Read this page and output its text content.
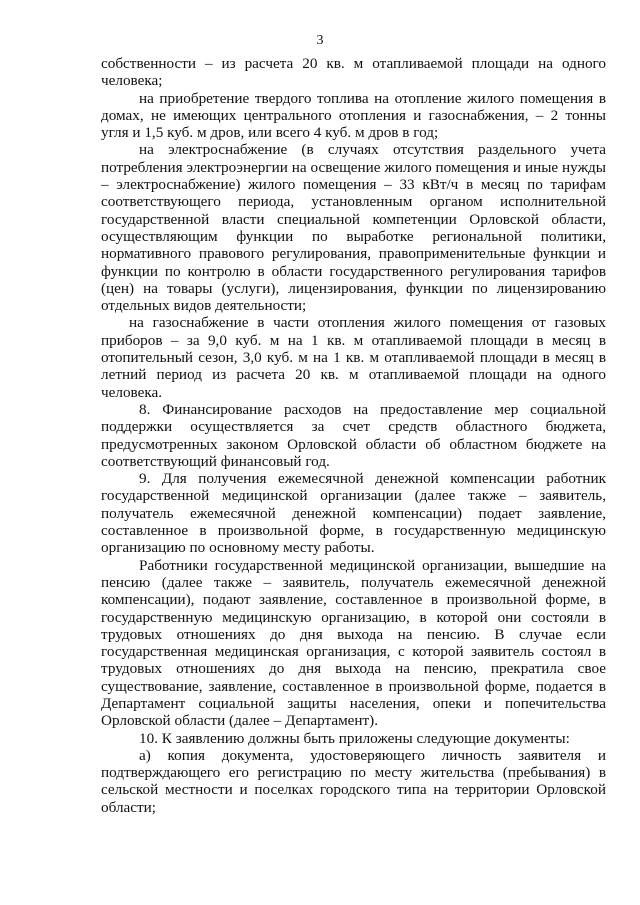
3

собственности – из расчета 20 кв. м отапливаемой площади на одного человека;

на приобретение твердого топлива на отопление жилого помещения в домах, не имеющих центрального отопления и газоснабжения, – 2 тонны угля и 1,5 куб. м дров, или всего 4 куб. м дров в год;

на электроснабжение (в случаях отсутствия раздельного учета потребления электроэнергии на освещение жилого помещения и иные нужды – электроснабжение) жилого помещения – 33 кВт/ч в месяц по тарифам соответствующего периода, установленным органом исполнительной государственной власти специальной компетенции Орловской области, осуществляющим функции по выработке региональной политики, нормативного правового регулирования, правоприменительные функции и функции по контролю в области государственного регулирования тарифов (цен) на товары (услуги), лицензирования, функции по лицензированию отдельных видов деятельности;

на газоснабжение в части отопления жилого помещения от газовых приборов – за 9,0 куб. м на 1 кв. м отапливаемой площади в месяц в отопительный сезон, 3,0 куб. м на 1 кв. м отапливаемой площади в месяц в летний период из расчета 20 кв. м отапливаемой площади на одного человека.

8. Финансирование расходов на предоставление мер социальной поддержки осуществляется за счет средств областного бюджета, предусмотренных законом Орловской области об областном бюджете на соответствующий финансовый год.

9. Для получения ежемесячной денежной компенсации работник государственной медицинской организации (далее также – заявитель, получатель ежемесячной денежной компенсации) подает заявление, составленное в произвольной форме, в государственную медицинскую организацию по основному месту работы.

Работники государственной медицинской организации, вышедшие на пенсию (далее также – заявитель, получатель ежемесячной денежной компенсации), подают заявление, составленное в произвольной форме, в государственную медицинскую организацию, в которой они состояли в трудовых отношениях до дня выхода на пенсию. В случае если государственная медицинская организация, с которой заявитель состоял в трудовых отношениях до дня выхода на пенсию, прекратила свое существование, заявление, составленное в произвольной форме, подается в Департамент социальной защиты населения, опеки и попечительства Орловской области (далее – Департамент).

10. К заявлению должны быть приложены следующие документы:

а) копия документа, удостоверяющего личность заявителя и подтверждающего его регистрацию по месту жительства (пребывания) в сельской местности и поселках городского типа на территории Орловской области;
